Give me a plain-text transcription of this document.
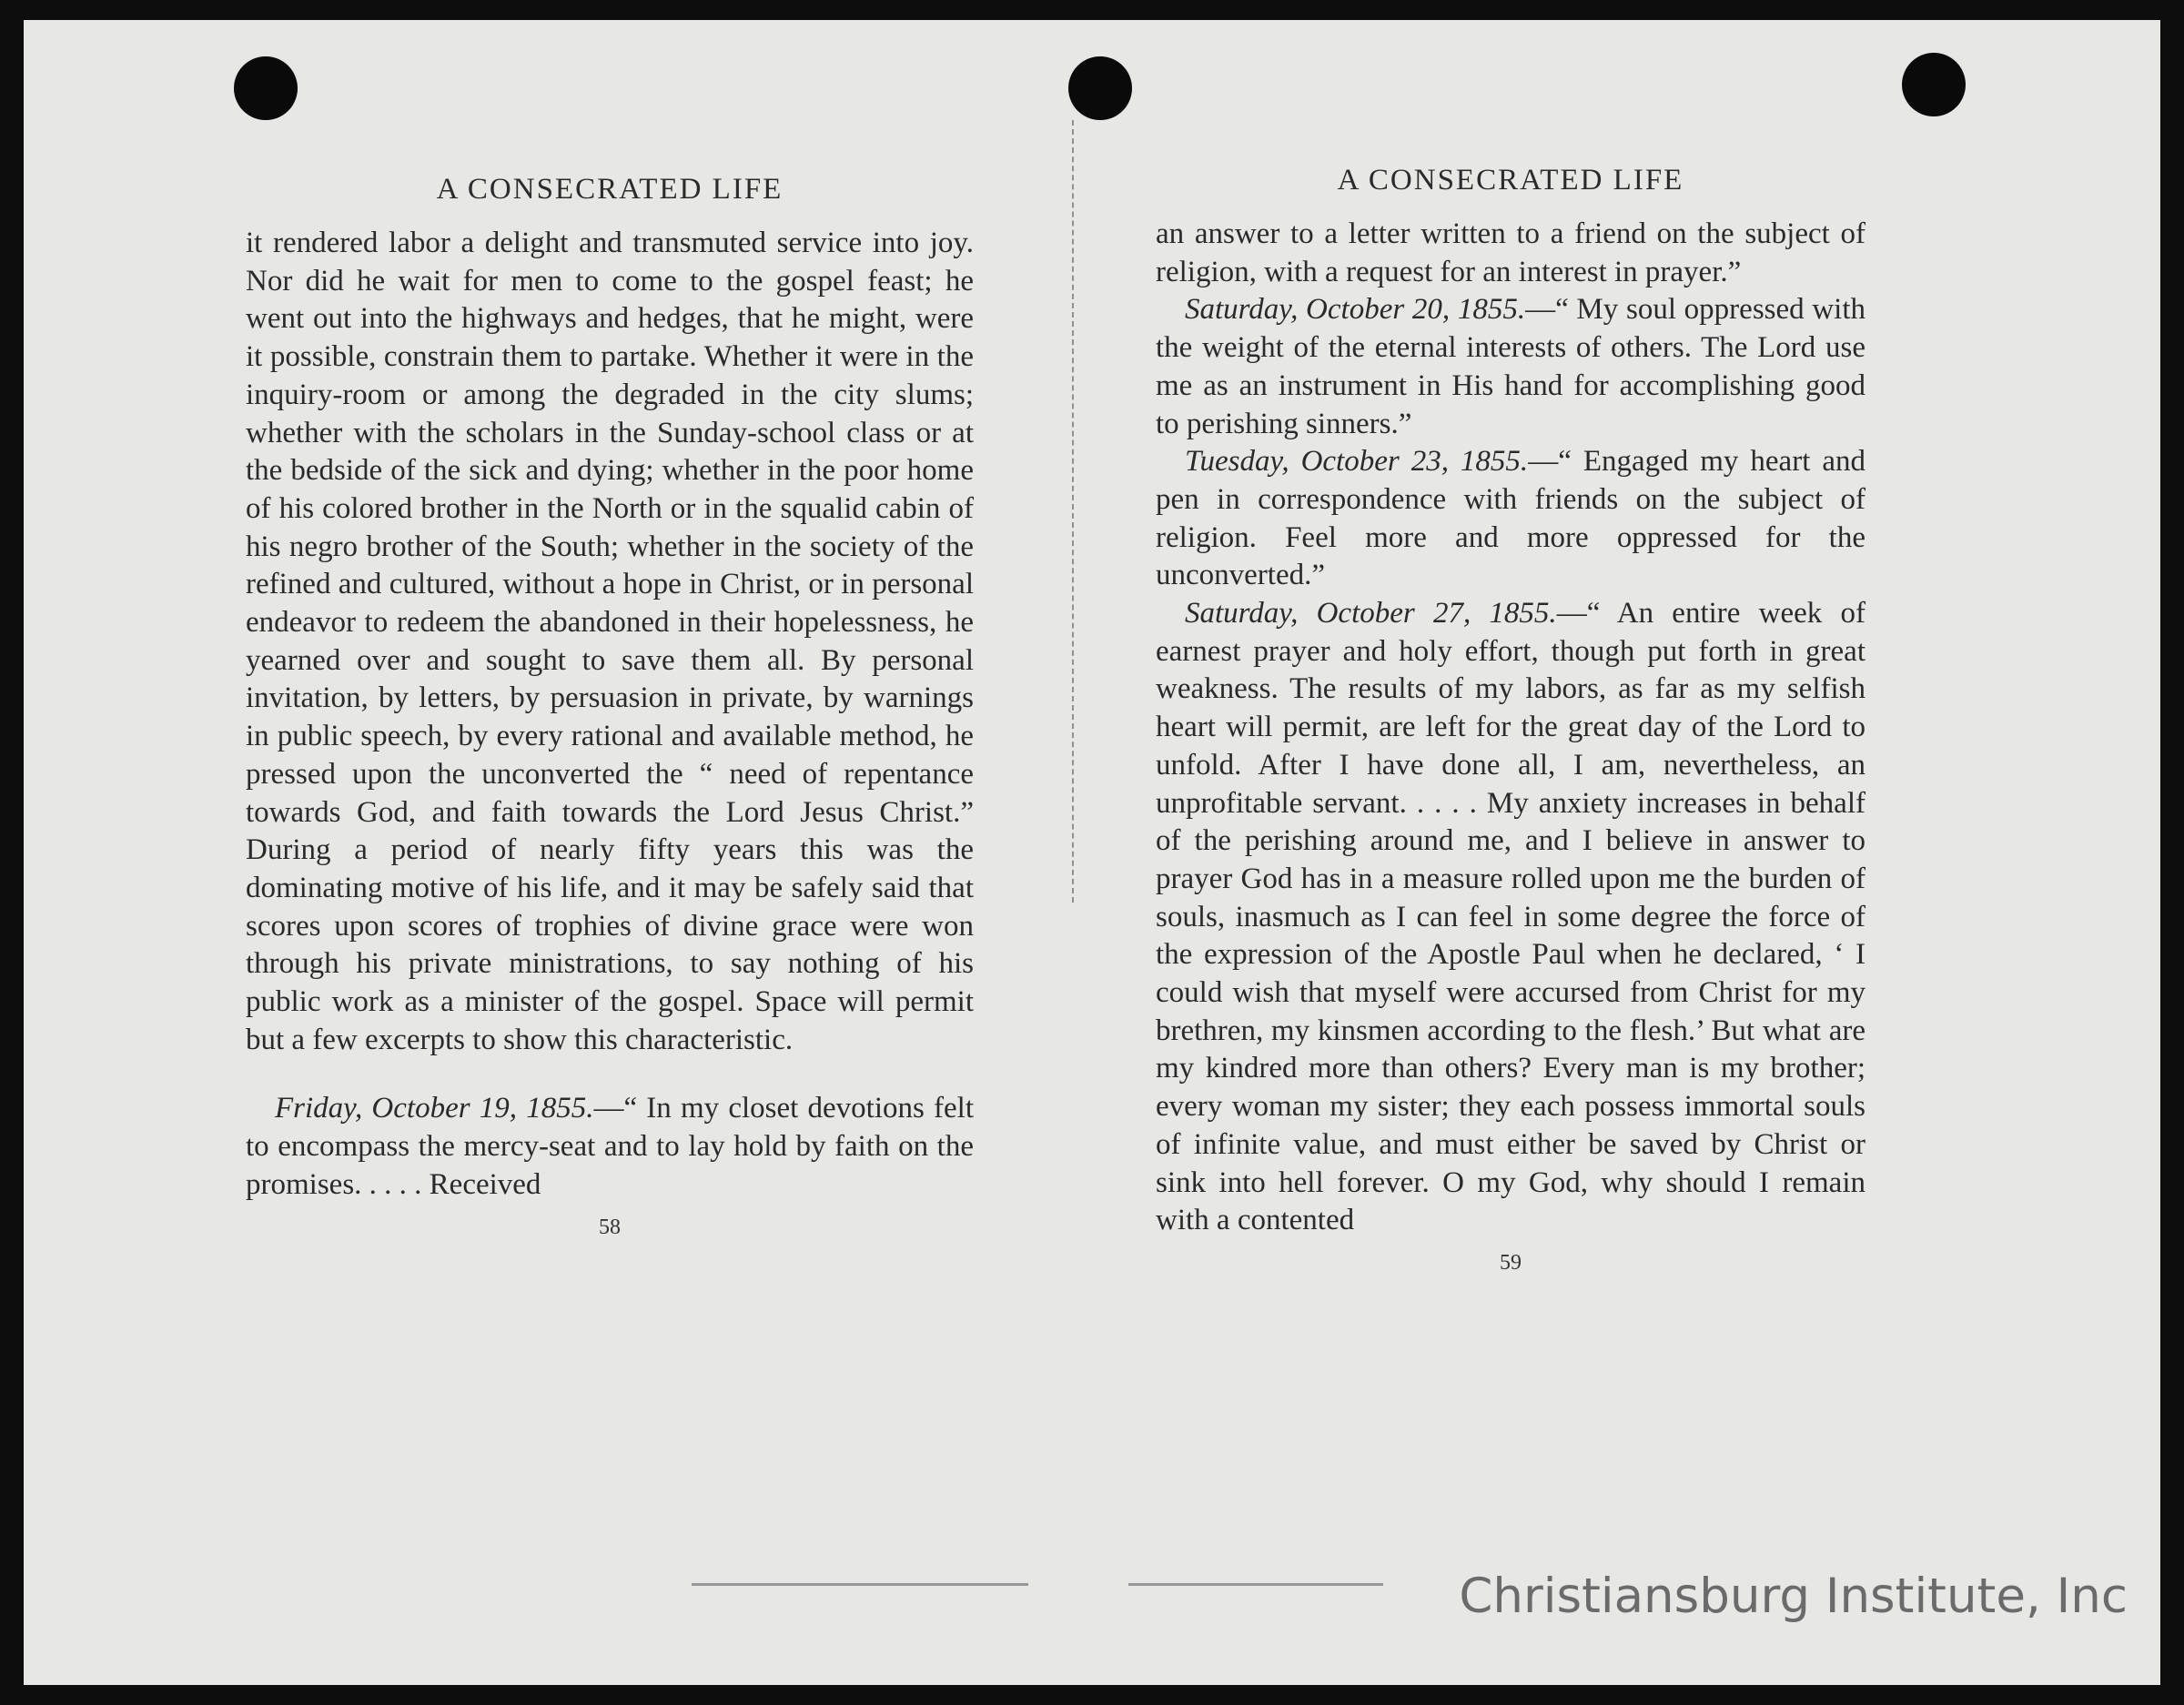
A CONSECRATED LIFE

it rendered labor a delight and transmuted service into joy. Nor did he wait for men to come to the gospel feast; he went out into the highways and hedges, that he might, were it possible, constrain them to partake. Whether it were in the inquiry-room or among the degraded in the city slums; whether with the scholars in the Sunday-school class or at the bedside of the sick and dying; whether in the poor home of his colored brother in the North or in the squalid cabin of his negro brother of the South; whether in the society of the refined and cultured, without a hope in Christ, or in personal endeavor to redeem the abandoned in their hopelessness, he yearned over and sought to save them all. By personal invitation, by letters, by persuasion in private, by warnings in public speech, by every rational and available method, he pressed upon the unconverted the “ need of repentance towards God, and faith towards the Lord Jesus Christ.” During a period of nearly fifty years this was the dominating motive of his life, and it may be safely said that scores upon scores of trophies of divine grace were won through his private ministrations, to say nothing of his public work as a minister of the gospel. Space will permit but a few excerpts to show this characteristic.

Friday, October 19, 1855.—“ In my closet devotions felt to encompass the mercy-seat and to lay hold by faith on the promises. . . . . Received

58
A CONSECRATED LIFE

an answer to a letter written to a friend on the subject of religion, with a request for an interest in prayer.”

Saturday, October 20, 1855.—“ My soul oppressed with the weight of the eternal interests of others. The Lord use me as an instrument in His hand for accomplishing good to perishing sinners.”

Tuesday, October 23, 1855.—“ Engaged my heart and pen in correspondence with friends on the subject of religion. Feel more and more oppressed for the unconverted.”

Saturday, October 27, 1855.—“ An entire week of earnest prayer and holy effort, though put forth in great weakness. The results of my labors, as far as my selfish heart will permit, are left for the great day of the Lord to unfold. After I have done all, I am, nevertheless, an unprofitable servant. . . . . My anxiety increases in behalf of the perishing around me, and I believe in answer to prayer God has in a measure rolled upon me the burden of souls, inasmuch as I can feel in some degree the force of the expression of the Apostle Paul when he declared, ‘ I could wish that myself were accursed from Christ for my brethren, my kinsmen according to the flesh.’ But what are my kindred more than others? Every man is my brother; every woman my sister; they each possess immortal souls of infinite value, and must either be saved by Christ or sink into hell forever. O my God, why should I remain with a contented

59
Christiansburg Institute, Inc
